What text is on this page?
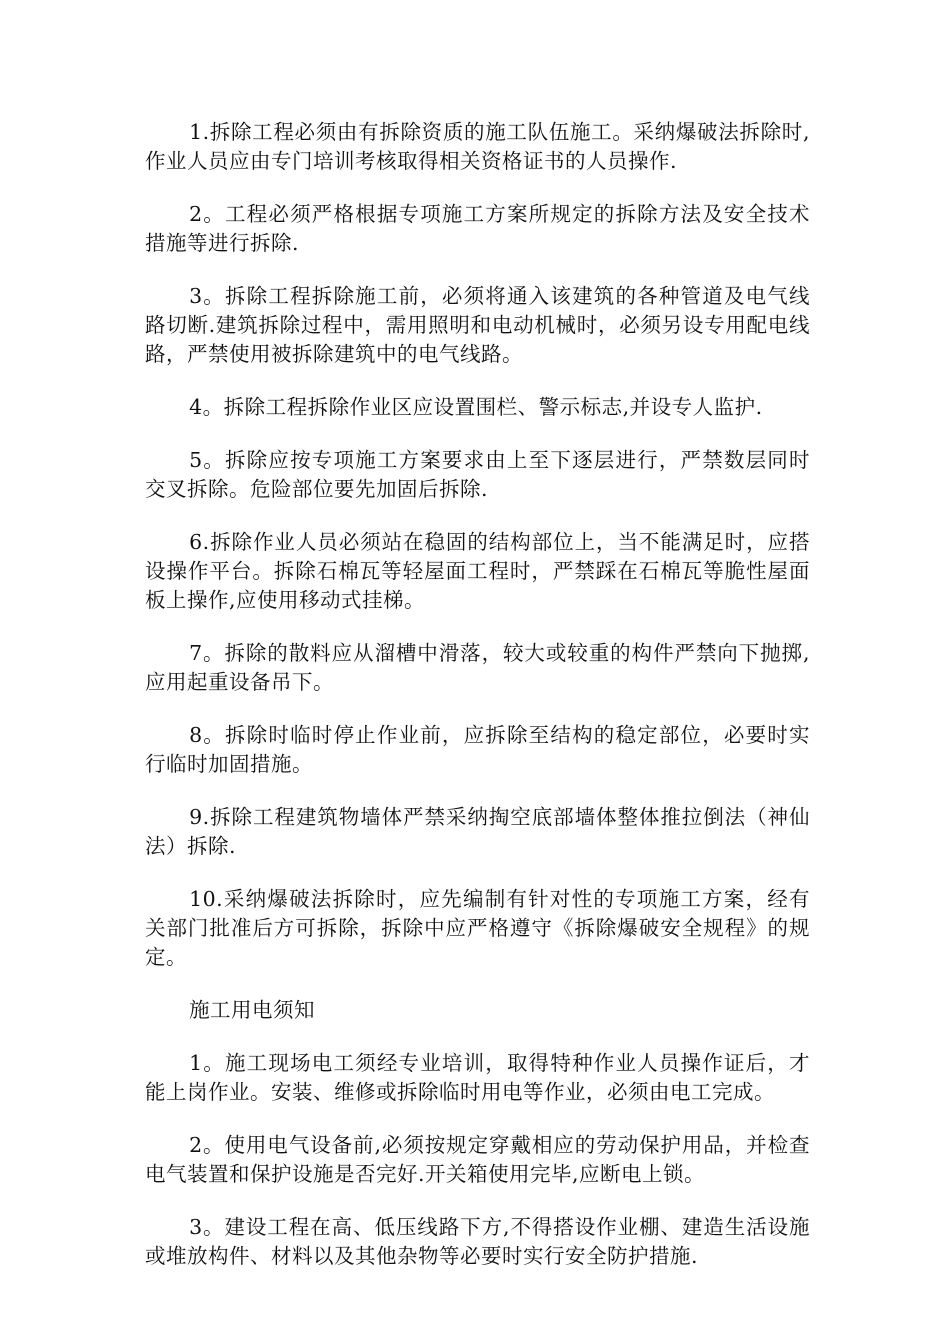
1.拆除工程必须由有拆除资质的施工队伍施工。采纳爆破法拆除时,作业人员应由专门培训考核取得相关资格证书的人员操作.

2。工程必须严格根据专项施工方案所规定的拆除方法及安全技术措施等进行拆除.

3。拆除工程拆除施工前，必须将通入该建筑的各种管道及电气线路切断.建筑拆除过程中，需用照明和电动机械时，必须另设专用配电线路，严禁使用被拆除建筑中的电气线路。

4。拆除工程拆除作业区应设置围栏、警示标志,并设专人监护.

5。拆除应按专项施工方案要求由上至下逐层进行，严禁数层同时交叉拆除。危险部位要先加固后拆除.

6.拆除作业人员必须站在稳固的结构部位上，当不能满足时，应搭设操作平台。拆除石棉瓦等轻屋面工程时，严禁踩在石棉瓦等脆性屋面板上操作,应使用移动式挂梯。

7。拆除的散料应从溜槽中滑落，较大或较重的构件严禁向下抛掷,应用起重设备吊下。

8。拆除时临时停止作业前，应拆除至结构的稳定部位，必要时实行临时加固措施。

9.拆除工程建筑物墙体严禁采纳掏空底部墙体整体推拉倒法（神仙法）拆除.

10.采纳爆破法拆除时，应先编制有针对性的专项施工方案，经有关部门批准后方可拆除，拆除中应严格遵守《拆除爆破安全规程》的规定。

施工用电须知

1。施工现场电工须经专业培训，取得特种作业人员操作证后，才能上岗作业。安装、维修或拆除临时用电等作业，必须由电工完成。

2。使用电气设备前,必须按规定穿戴相应的劳动保护用品，并检查电气装置和保护设施是否完好.开关箱使用完毕,应断电上锁。

3。建设工程在高、低压线路下方,不得搭设作业棚、建造生活设施或堆放构件、材料以及其他杂物等必要时实行安全防护措施.
